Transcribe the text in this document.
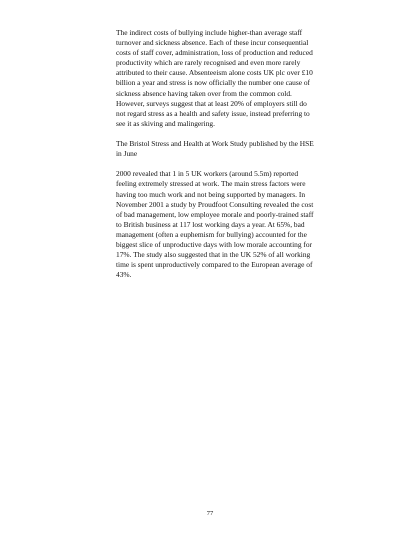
The indirect costs of bullying include higher-than average staff turnover and sickness absence. Each of these incur consequential costs of staff cover, administration, loss of production and reduced productivity which are rarely recognised and even more rarely attributed to their cause. Absenteeism alone costs UK plc over £10 billion a year and stress is now officially the number one cause of sickness absence having taken over from the common cold. However, surveys suggest that at least 20% of employers still do not regard stress as a health and safety issue, instead preferring to see it as skiving and malingering.

The Bristol Stress and Health at Work Study published by the HSE in June

2000 revealed that 1 in 5 UK workers (around 5.5m) reported feeling extremely stressed at work. The main stress factors were having too much work and not being supported by managers. In November 2001 a study by Proudfoot Consulting revealed the cost of bad management, low employee morale and poorly-trained staff to British business at 117 lost working days a year. At 65%, bad management (often a euphemism for bullying) accounted for the biggest slice of unproductive days with low morale accounting for 17%. The study also suggested that in the UK 52% of all working time is spent unproductively compared to the European average of 43%.

77
